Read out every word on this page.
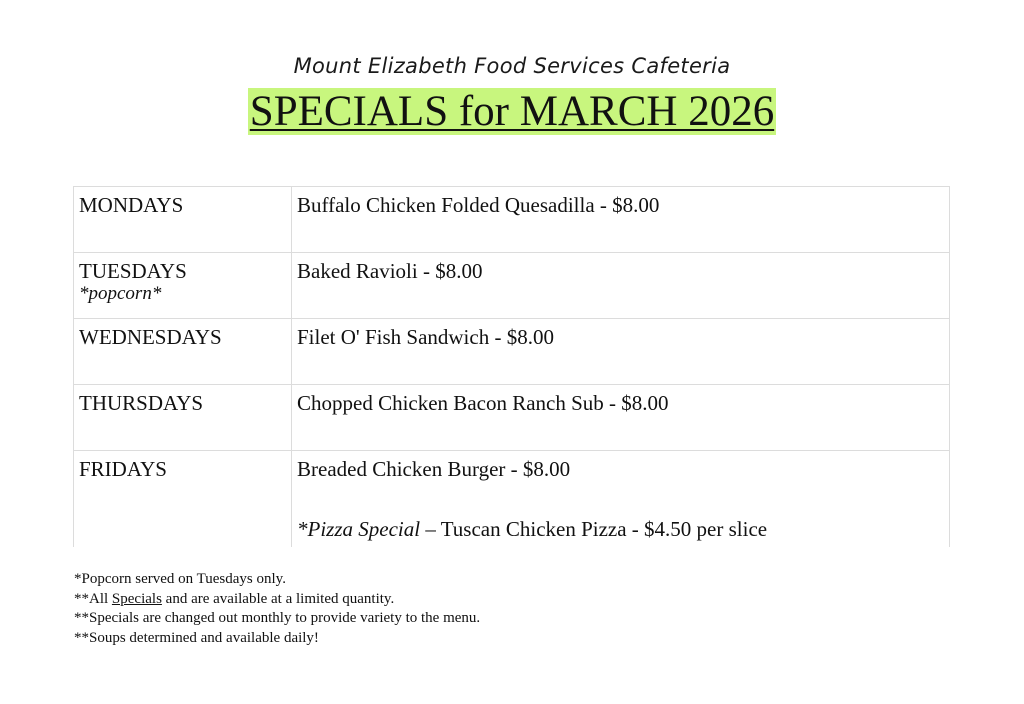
Mount Elizabeth Food Services Cafeteria
SPECIALS for MARCH 2026
MONDAYS	Buffalo Chicken Folded Quesadilla - $8.00
TUESDAYS
*popcorn*	Baked Ravioli - $8.00
WEDNESDAYS	Filet O' Fish Sandwich - $8.00
THURSDAYS	Chopped Chicken Bacon Ranch Sub - $8.00
FRIDAYS	Breaded Chicken Burger - $8.00
*Pizza Special – Tuscan Chicken Pizza - $4.50 per slice
*Popcorn served on Tuesdays only.
**All Specials and are available at a limited quantity.
**Specials are changed out monthly to provide variety to the menu.
**Soups determined and available daily!
